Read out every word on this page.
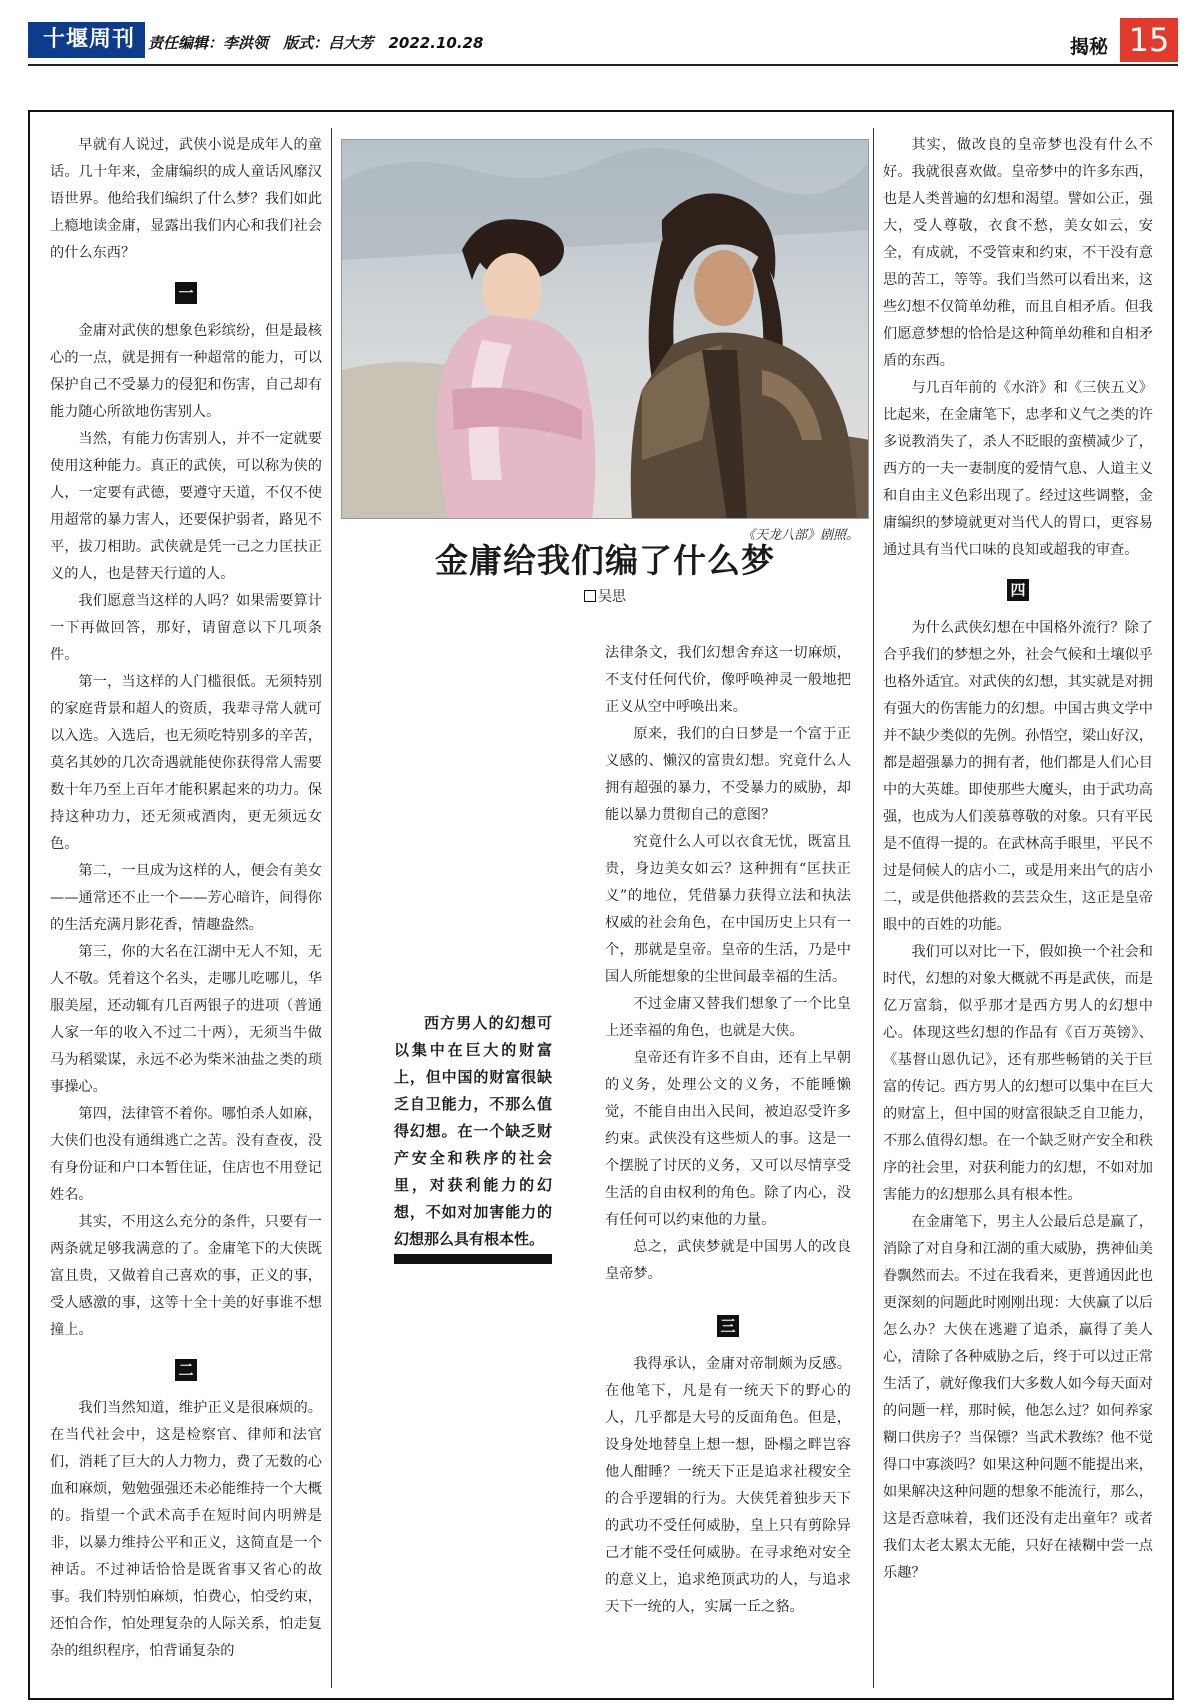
十堰周刊 责任编辑：李洪领 版式：吕大芳 2022.10.28	揭秘 15

早就有人说过，武侠小说是成年人的童话。几十年来，金庸编织的成人童话风靡汉语世界。他给我们编织了什么梦？我们如此上瘾地读金庸，显露出我们内心和我们社会的什么东西？

一

金庸对武侠的想象色彩缤纷，但是最核心的一点，就是拥有一种超常的能力，可以保护自己不受暴力的侵犯和伤害，自己却有能力随心所欲地伤害别人。

当然，有能力伤害别人，并不一定就要使用这种能力。真正的武侠，可以称为侠的人，一定要有武德，要遵守天道，不仅不使用超常的暴力害人，还要保护弱者，路见不平，拔刀相助。武侠就是凭一己之力匡扶正义的人，也是替天行道的人。

我们愿意当这样的人吗？如果需要算计一下再做回答，那好，请留意以下几项条件。

第一，当这样的人门槛很低。无须特别的家庭背景和超人的资质，我辈寻常人就可以入选。入选后，也无须吃特别多的辛苦，莫名其妙的几次奇遇就能使你获得常人需要数十年乃至上百年才能积累起来的功力。保持这种功力，还无须戒酒肉，更无须远女色。

第二，一旦成为这样的人，便会有美女——通常还不止一个——芳心暗许，间得你的生活充满月影花香，情趣盎然。

第三，你的大名在江湖中无人不知，无人不敬。凭着这个名头，走哪儿吃哪儿，华服美屋，还动辄有几百两银子的进项（普通人家一年的收入不过二十两），无须当牛做马为稻粱谋，永远不必为柴米油盐之类的琐事操心。

第四，法律管不着你。哪怕杀人如麻，大侠们也没有通缉逃亡之苦。没有查夜，没有身份证和户口本暂住证，住店也不用登记姓名。

其实，不用这么充分的条件，只要有一两条就足够我满意的了。金庸笔下的大侠既富且贵，又做着自己喜欢的事，正义的事，受人感激的事，这等十全十美的好事谁不想撞上。

二

我们当然知道，维护正义是很麻烦的。在当代社会中，这是检察官、律师和法官们，消耗了巨大的人力物力，费了无数的心血和麻烦，勉勉强强还未必能维持一个大概的。指望一个武术高手在短时间内明辨是非，以暴力维持公平和正义，这简直是一个神话。不过神话恰恰是既省事又省心的故事。我们特别怕麻烦，怕费心，怕受约束，还怕合作，怕处理复杂的人际关系，怕走复杂的组织程序，怕背诵复杂的

《天龙八部》剧照。
金庸给我们编了什么梦
吴思

西方男人的幻想可以集中在巨大的财富上，但中国的财富很缺乏自卫能力，不那么值得幻想。在一个缺乏财产安全和秩序的社会里，对获利能力的幻想，不如对加害能力的幻想那么具有根本性。

法律条文，我们幻想舍弃这一切麻烦，不支付任何代价，像呼唤神灵一般地把正义从空中呼唤出来。

原来，我们的白日梦是一个富于正义感的、懒汉的富贵幻想。究竟什么人拥有超强的暴力，不受暴力的威胁，却能以暴力贯彻自己的意图？

究竟什么人可以衣食无忧，既富且贵，身边美女如云？这种拥有“匡扶正义”的地位，凭借暴力获得立法和执法权威的社会角色，在中国历史上只有一个，那就是皇帝。皇帝的生活，乃是中国人所能想象的尘世间最幸福的生活。

不过金庸又替我们想象了一个比皇上还幸福的角色，也就是大侠。

皇帝还有许多不自由，还有上早朝的义务，处理公文的义务，不能睡懒觉，不能自由出入民间，被迫忍受许多约束。武侠没有这些烦人的事。这是一个摆脱了讨厌的义务，又可以尽情享受生活的自由权利的角色。除了内心，没有任何可以约束他的力量。

总之，武侠梦就是中国男人的改良皇帝梦。

三

我得承认，金庸对帝制颇为反感。在他笔下，凡是有一统天下的野心的人，几乎都是大号的反面角色。但是，设身处地替皇上想一想，卧榻之畔岂容他人酣睡？一统天下正是追求社稷安全的合乎逻辑的行为。大侠凭着独步天下的武功不受任何威胁，皇上只有剪除异己才能不受任何威胁。在寻求绝对安全的意义上，追求绝顶武功的人，与追求天下一统的人，实属一丘之貉。

其实，做改良的皇帝梦也没有什么不好。我就很喜欢做。皇帝梦中的许多东西，也是人类普遍的幻想和渴望。譬如公正，强大，受人尊敬，衣食不愁，美女如云，安全，有成就，不受管束和约束，不干没有意思的苦工，等等。我们当然可以看出来，这些幻想不仅简单幼稚，而且自相矛盾。但我们愿意梦想的恰恰是这种简单幼稚和自相矛盾的东西。

与几百年前的《水浒》和《三侠五义》比起来，在金庸笔下，忠孝和义气之类的许多说教消失了，杀人不眨眼的蛮横减少了，西方的一夫一妻制度的爱情气息、人道主义和自由主义色彩出现了。经过这些调整，金庸编织的梦境就更对当代人的胃口，更容易通过具有当代口味的良知或超我的审查。

四

为什么武侠幻想在中国格外流行？除了合乎我们的梦想之外，社会气候和土壤似乎也格外适宜。对武侠的幻想，其实就是对拥有强大的伤害能力的幻想。中国古典文学中并不缺少类似的先例。孙悟空，梁山好汉，都是超强暴力的拥有者，他们都是人们心目中的大英雄。即使那些大魔头，由于武功高强，也成为人们羡慕尊敬的对象。只有平民是不值得一提的。在武林高手眼里，平民不过是伺候人的店小二，或是用来出气的店小二，或是供他搭救的芸芸众生，这正是皇帝眼中的百姓的功能。

我们可以对比一下，假如换一个社会和时代，幻想的对象大概就不再是武侠，而是亿万富翁，似乎那才是西方男人的幻想中心。体现这些幻想的作品有《百万英镑》、《基督山恩仇记》，还有那些畅销的关于巨富的传记。西方男人的幻想可以集中在巨大的财富上，但中国的财富很缺乏自卫能力，不那么值得幻想。在一个缺乏财产安全和秩序的社会里，对获利能力的幻想，不如对加害能力的幻想那么具有根本性。

在金庸笔下，男主人公最后总是赢了，消除了对自身和江湖的重大威胁，携神仙美眷飘然而去。不过在我看来，更普通因此也更深刻的问题此时刚刚出现：大侠赢了以后怎么办？大侠在逃避了追杀，赢得了美人心，清除了各种威胁之后，终于可以过正常生活了，就好像我们大多数人如今每天面对的问题一样，那时候，他怎么过？如何养家糊口供房子？当保镖？当武术教练？他不觉得口中寡淡吗？如果这种问题不能提出来，如果解决这种问题的想象不能流行，那么，这是否意味着，我们还没有走出童年？或者我们太老太累太无能，只好在裱糊中尝一点乐趣？
